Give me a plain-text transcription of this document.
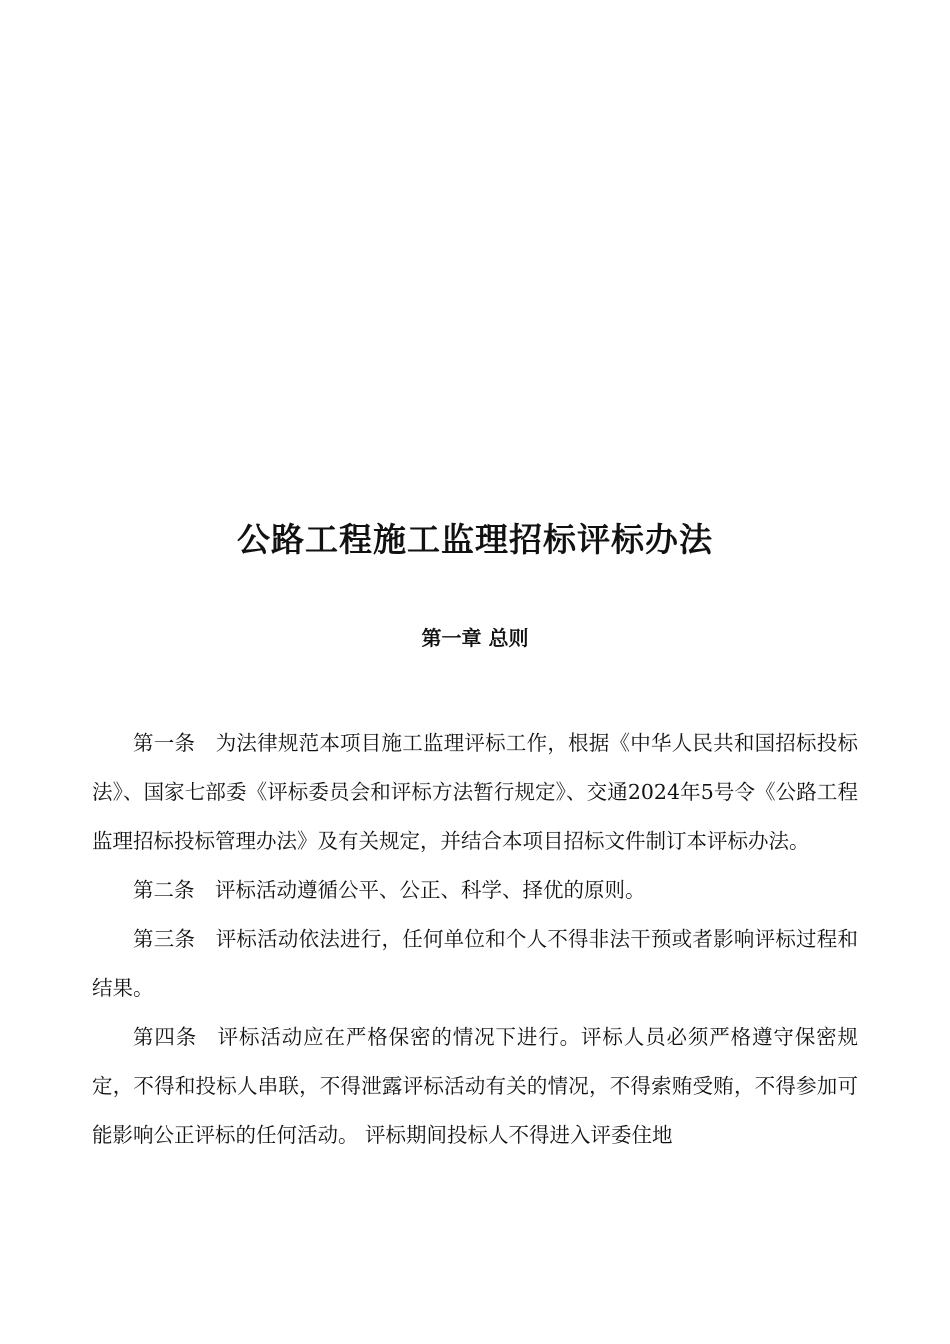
公路工程施工监理招标评标办法
第一章 总则

第一条 为法律规范本项目施工监理评标工作，根据《中华人民共和国招标投标法》、国家七部委《评标委员会和评标方法暂行规定》、交通2024年5号令《公路工程监理招标投标管理办法》及有关规定，并结合本项目招标文件制订本评标办法。

第二条 评标活动遵循公平、公正、科学、择优的原则。

第三条 评标活动依法进行，任何单位和个人不得非法干预或者影响评标过程和结果。

第四条 评标活动应在严格保密的情况下进行。评标人员必须严格遵守保密规定，不得和投标人串联，不得泄露评标活动有关的情况，不得索贿受贿，不得参加可能影响公正评标的任何活动。 评标期间投标人不得进入评委住地
